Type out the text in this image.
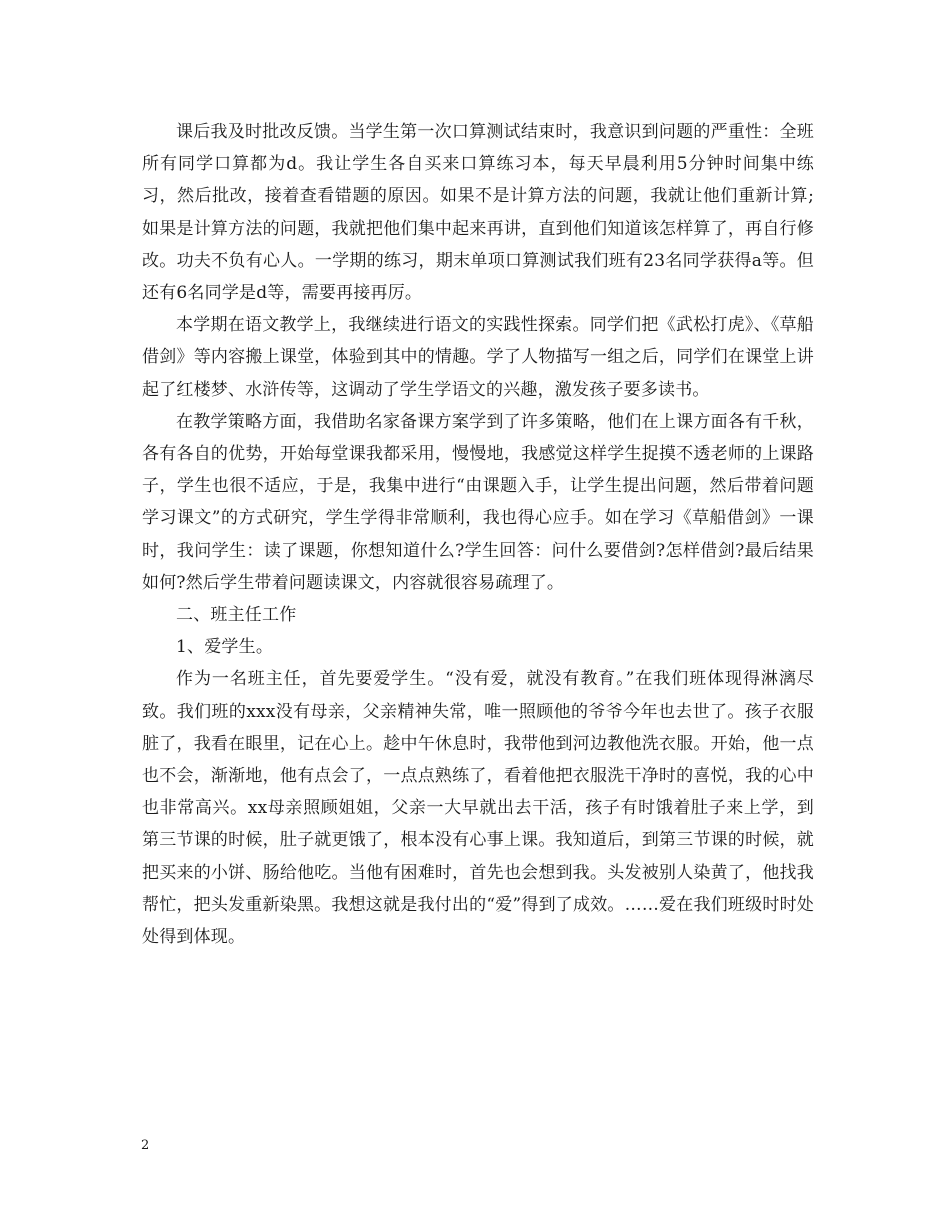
课后我及时批改反馈。当学生第一次口算测试结束时，我意识到问题的严重性：全班所有同学口算都为d。我让学生各自买来口算练习本，每天早晨利用5分钟时间集中练习，然后批改，接着查看错题的原因。如果不是计算方法的问题，我就让他们重新计算;如果是计算方法的问题，我就把他们集中起来再讲，直到他们知道该怎样算了，再自行修改。功夫不负有心人。一学期的练习，期末单项口算测试我们班有23名同学获得a等。但还有6名同学是d等，需要再接再厉。

本学期在语文教学上，我继续进行语文的实践性探索。同学们把《武松打虎》、《草船借剑》等内容搬上课堂，体验到其中的情趣。学了人物描写一组之后，同学们在课堂上讲起了红楼梦、水浒传等，这调动了学生学语文的兴趣，激发孩子要多读书。

在教学策略方面，我借助名家备课方案学到了许多策略，他们在上课方面各有千秋，各有各自的优势，开始每堂课我都采用，慢慢地，我感觉这样学生捉摸不透老师的上课路子，学生也很不适应，于是，我集中进行“由课题入手，让学生提出问题，然后带着问题学习课文”的方式研究，学生学得非常顺利，我也得心应手。如在学习《草船借剑》一课时，我问学生：读了课题，你想知道什么?学生回答：问什么要借剑?怎样借剑?最后结果如何?然后学生带着问题读课文，内容就很容易疏理了。

二、班主任工作

1、爱学生。

作为一名班主任，首先要爱学生。“没有爱，就没有教育。”在我们班体现得淋漓尽致。我们班的xxx没有母亲，父亲精神失常，唯一照顾他的爷爷今年也去世了。孩子衣服脏了，我看在眼里，记在心上。趁中午休息时，我带他到河边教他洗衣服。开始，他一点也不会，渐渐地，他有点会了，一点点熟练了，看着他把衣服洗干净时的喜悦，我的心中也非常高兴。xx母亲照顾姐姐，父亲一大早就出去干活，孩子有时饿着肚子来上学，到第三节课的时候，肚子就更饿了，根本没有心事上课。我知道后，到第三节课的时候，就把买来的小饼、肠给他吃。当他有困难时，首先也会想到我。头发被别人染黄了，他找我帮忙，把头发重新染黑。我想这就是我付出的“爱”得到了成效。……爱在我们班级时时处处得到体现。

2
